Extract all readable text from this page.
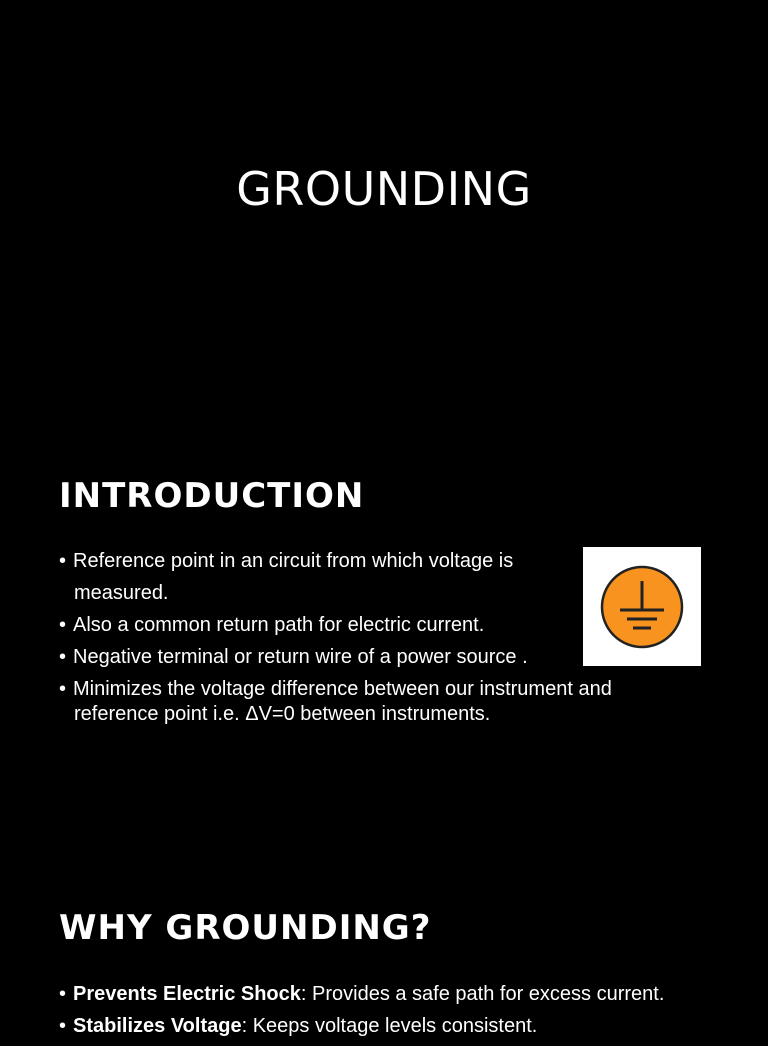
GROUNDING
INTRODUCTION
• Reference point in an circuit from which voltage is
measured.
• Also a common return path for electric current.
• Negative terminal or return wire of a power source .
• Minimizes the voltage difference between our instrument and
reference point i.e. ΔV=0 between instruments.
WHY GROUNDING?
• Prevents Electric Shock: Provides a safe path for excess current.
• Stabilizes Voltage: Keeps voltage levels consistent.
